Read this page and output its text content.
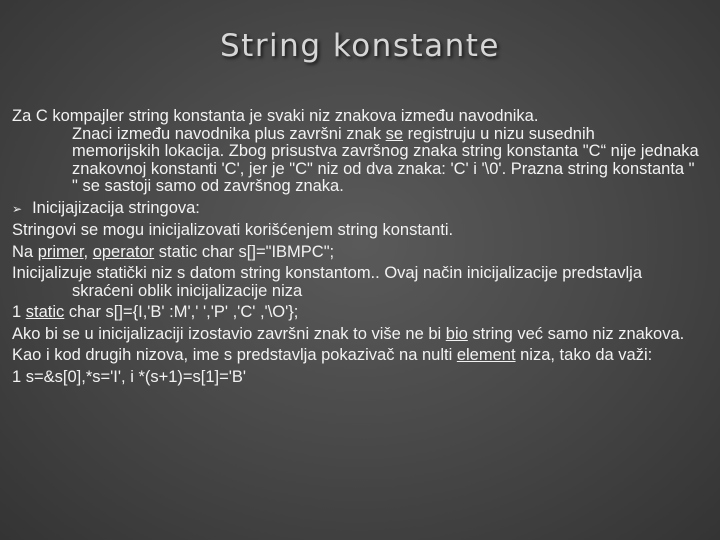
String konstante

Za C kompajler string konstanta je svaki niz znakova između navodnika.
Znaci između navodnika plus završni znak se registruju u nizu susednih
memorijskih lokacija. Zbog prisustva završnog znaka string konstanta "C“ nije jednaka znakovnoj konstanti 'C', jer je "C" niz od dva znaka: 'C' i '\0'. Prazna string konstanta " " se sastoji samo od završnog znaka.

➢ Inicijajizacija stringova:

Stringovi se mogu inicijalizovati korišćenjem string konstanti.

Na primer, operator static char s[]="IBMPC";

Inicijalizuje statički niz s datom string konstantom.. Ovaj način inicijalizacije predstavlja skraćeni oblik inicijalizacije niza

1 static char s[]={I,'B' :M',' ','P' ,'C' ,'\O'};

Ako bi se u inicijalizaciji izostavio završni znak to više ne bi bio string već samo niz znakova.

Kao i kod drugih nizova, ime s predstavlja pokazivač na nulti element niza, tako da važi:

1 s=&s[0],*s='I', i *(s+1)=s[1]='B'
